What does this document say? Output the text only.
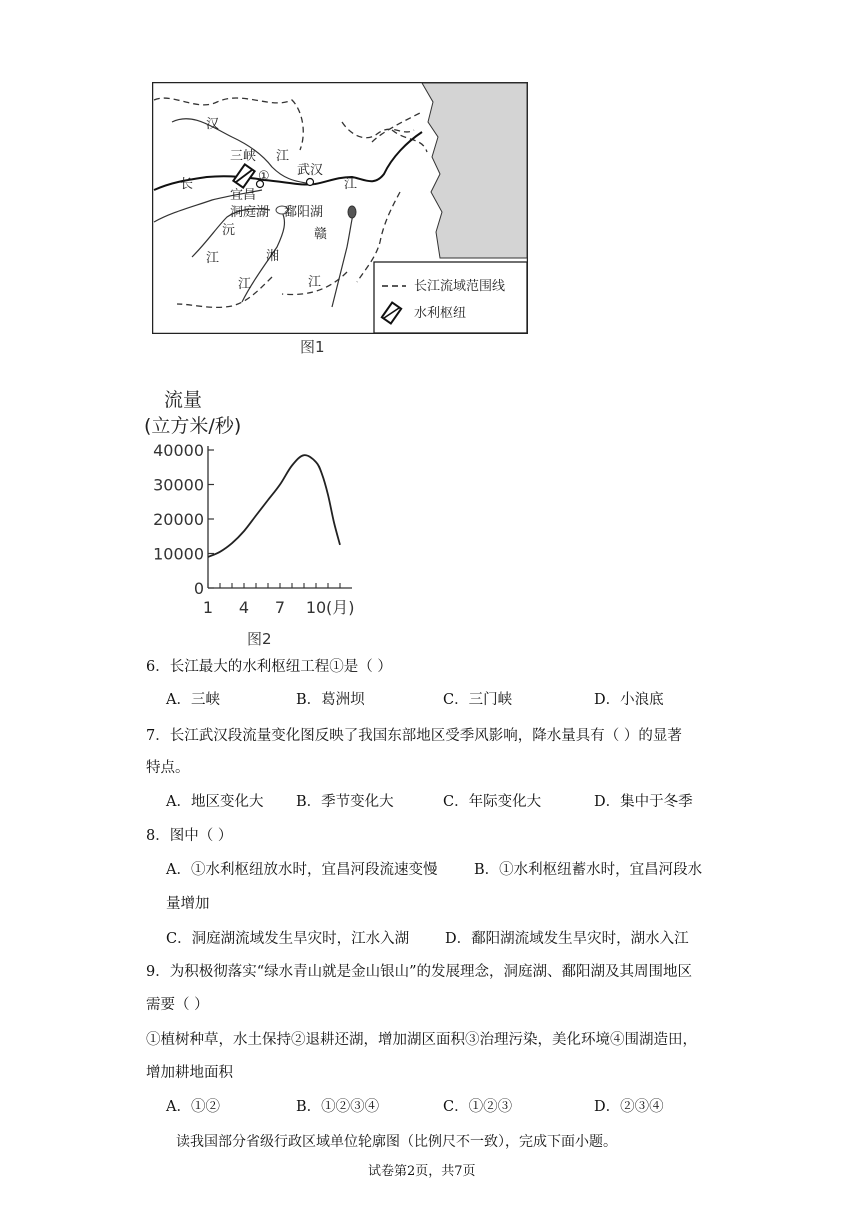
汉
三峡 江
武汉
长
宜昌
江
洞庭湖 鄱阳湖
赣
沅
江	湘
江	江
①
长江流域范围线
水利枢纽
图1
流量
(立方米/秒)
0
10000
20000
30000
40000
1 4 7 10 (月)
图2
6．长江最大的水利枢纽工程①是（ ）
A．三峡	B．葛洲坝	C．三门峡	D．小浪底
7．长江武汉段流量变化图反映了我国东部地区受季风影响，降水量具有（ ）的显著
特点。
A．地区变化大 B．季节变化大	C．年际变化大	D．集中于冬季
8．图中（ ）
A．①水利枢纽放水时，宜昌河段流速变慢	B．①水利枢纽蓄水时，宜昌河段水
量增加
C．洞庭湖流域发生旱灾时，江水入湖 D．鄱阳湖流域发生旱灾时，湖水入江
9．为积极彻落实“绿水青山就是金山银山”的发展理念，洞庭湖、鄱阳湖及其周围地区
需要（ ）
①植树种草，水土保持②退耕还湖，增加湖区面积③治理污染，美化环境④围湖造田，
增加耕地面积
A．①②	B．①②③④	C．①②③	D．②③④
读我国部分省级行政区域单位轮廓图（比例尺不一致），完成下面小题。
试卷第2页，共7页
